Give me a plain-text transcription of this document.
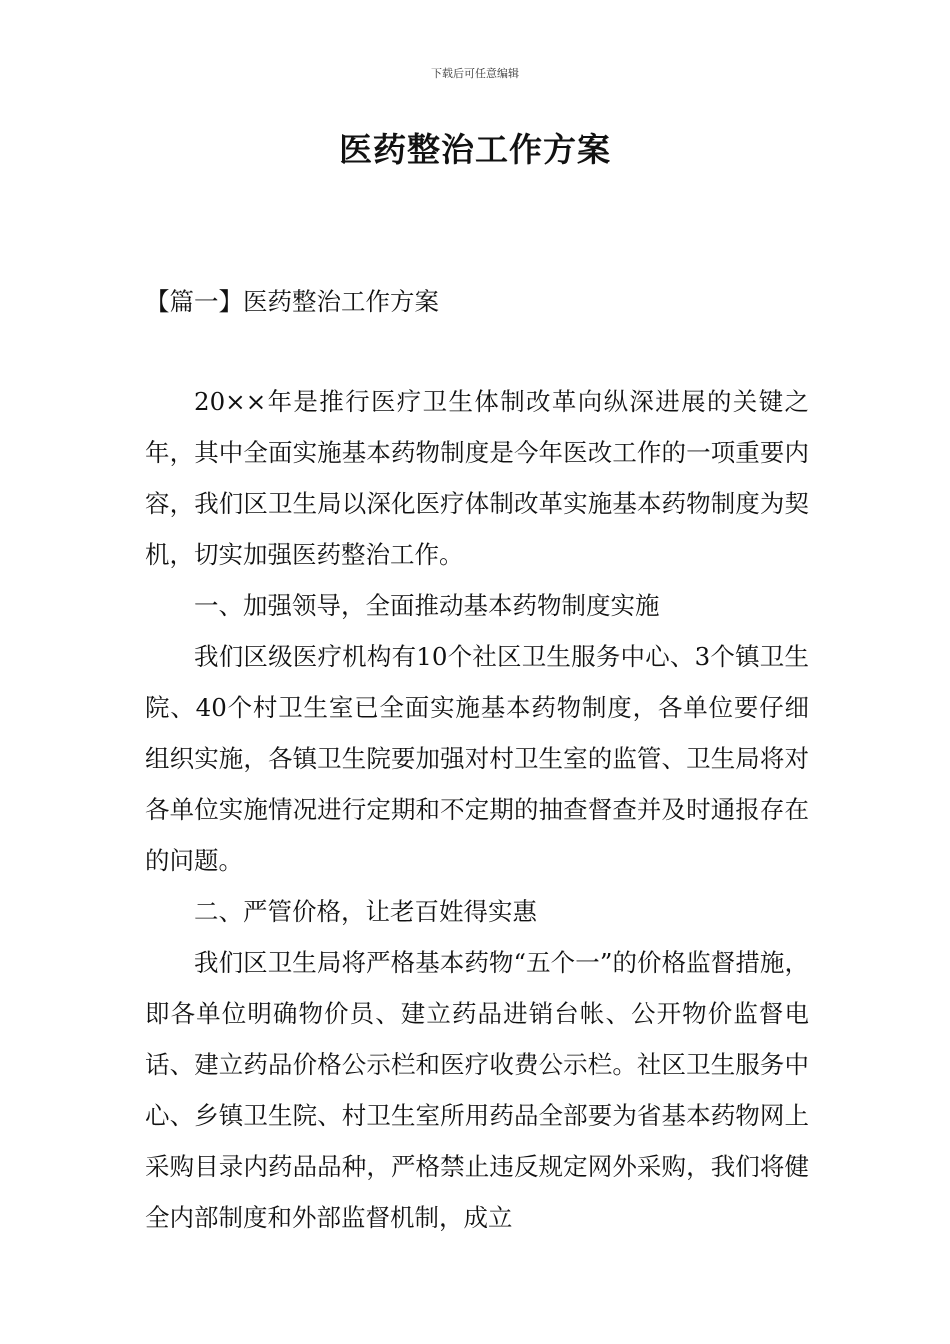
下载后可任意编辑
医药整治工作方案
【篇一】医药整治工作方案

20××年是推行医疗卫生体制改革向纵深进展的关键之年，其中全面实施基本药物制度是今年医改工作的一项重要内容，我们区卫生局以深化医疗体制改革实施基本药物制度为契机，切实加强医药整治工作。

一、加强领导，全面推动基本药物制度实施

我们区级医疗机构有10个社区卫生服务中心、3个镇卫生院、40个村卫生室已全面实施基本药物制度，各单位要仔细组织实施，各镇卫生院要加强对村卫生室的监管、卫生局将对各单位实施情况进行定期和不定期的抽查督查并及时通报存在的问题。

二、严管价格，让老百姓得实惠

我们区卫生局将严格基本药物“五个一”的价格监督措施，即各单位明确物价员、建立药品进销台帐、公开物价监督电话、建立药品价格公示栏和医疗收费公示栏。社区卫生服务中心、乡镇卫生院、村卫生室所用药品全部要为省基本药物网上采购目录内药品品种，严格禁止违反规定网外采购，我们将健全内部制度和外部监督机制，成立
